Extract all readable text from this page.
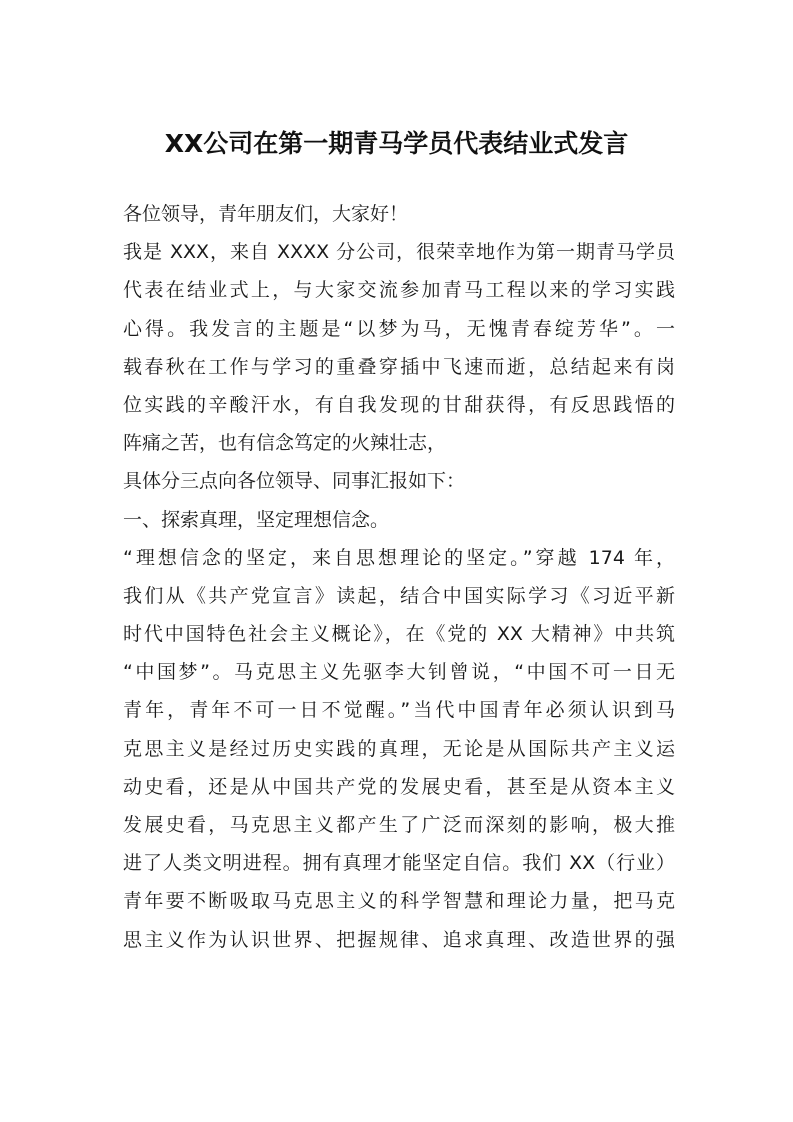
XX公司在第一期青马学员代表结业式发言
各位领导，青年朋友们，大家好！
我是 XXX，来自 XXXX 分公司，很荣幸地作为第一期青马学员
代表在结业式上，与大家交流参加青马工程以来的学习实践
心得。我发言的主题是“以梦为马，无愧青春绽芳华”。一
载春秋在工作与学习的重叠穿插中飞速而逝，总结起来有岗
位实践的辛酸汗水，有自我发现的甘甜获得，有反思践悟的
阵痛之苦，也有信念笃定的火辣壮志，
具体分三点向各位领导、同事汇报如下：
一、探索真理，坚定理想信念。
“理想信念的坚定，来自思想理论的坚定。”穿越 174 年，
我们从《共产党宣言》读起，结合中国实际学习《习近平新
时代中国特色社会主义概论》，在《党的 XX 大精神》中共筑
“中国梦”。马克思主义先驱李大钊曾说，“中国不可一日无
青年，青年不可一日不觉醒。”当代中国青年必须认识到马
克思主义是经过历史实践的真理，无论是从国际共产主义运
动史看，还是从中国共产党的发展史看，甚至是从资本主义
发展史看，马克思主义都产生了广泛而深刻的影响，极大推
进了人类文明进程。拥有真理才能坚定自信。我们 XX（行业）
青年要不断吸取马克思主义的科学智慧和理论力量，把马克
思主义作为认识世界、把握规律、追求真理、改造世界的强
